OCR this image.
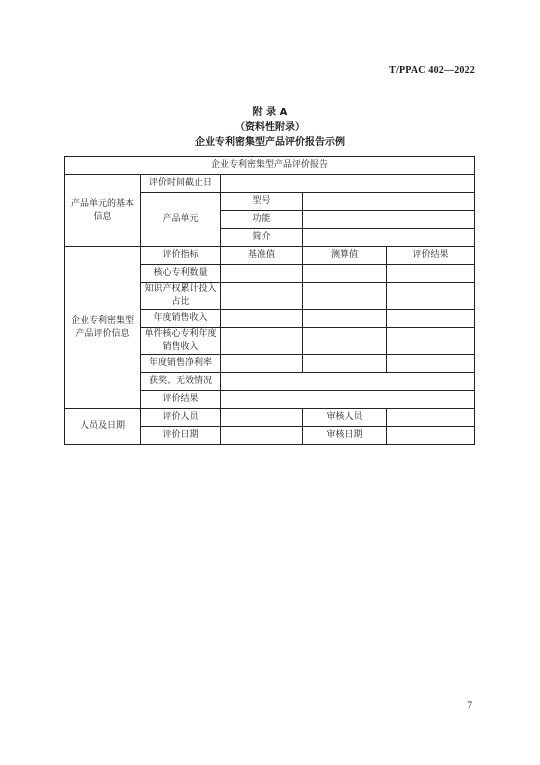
T/PPAC 402—2022
附 录 A
（资料性附录）
企业专利密集型产品评价报告示例
企业专利密集型产品评价报告				
产品单元的基本信息	评价时间截止日			
	产品单元	型号		
		功能		
		简介		
企业专利密集型产品评价信息	评价指标	基准值	测算值	评价结果
	核心专利数量			
	知识产权累计投入占比			
	年度销售收入			
	单件核心专利年度销售收入			
	年度销售净利率			
	获奖、无效情况			
	评价结果			
人员及日期	评价人员		审核人员	
	评价日期		审核日期	
7
